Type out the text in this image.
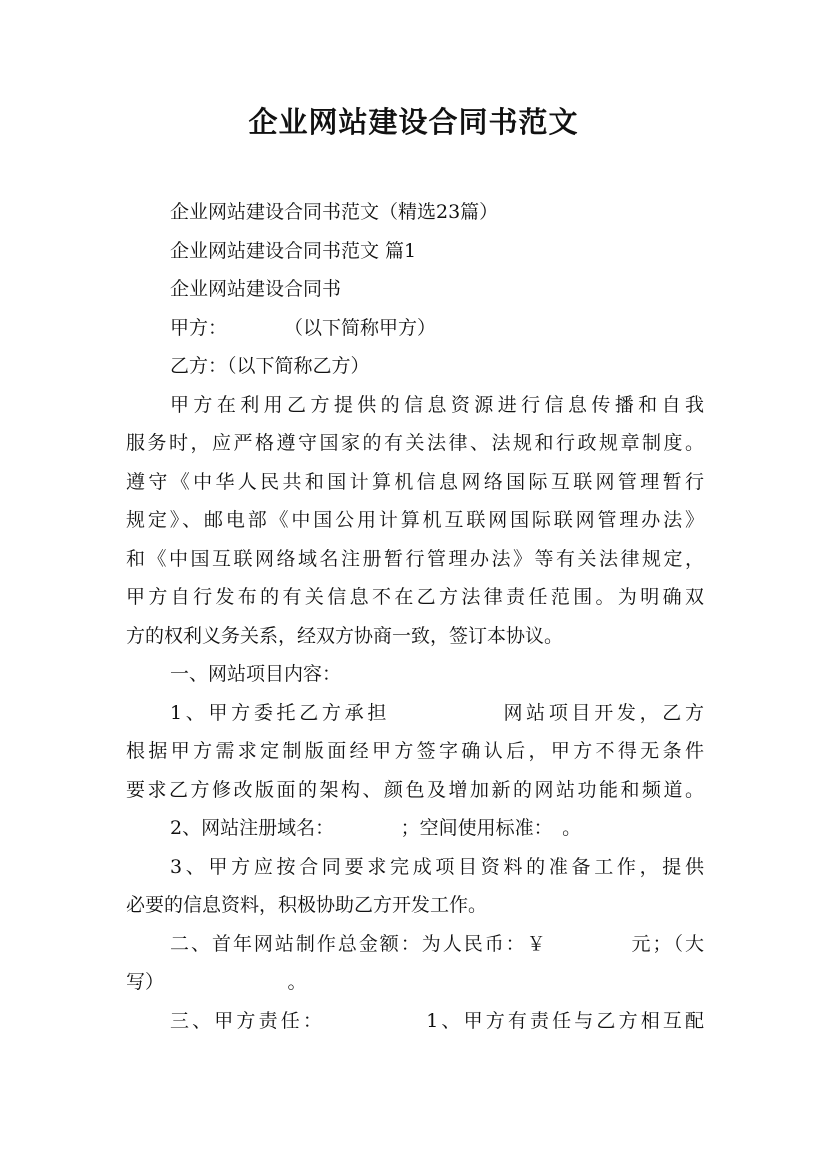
企业网站建设合同书范文
企业网站建设合同书范文（精选23篇）
企业网站建设合同书范文 篇1
企业网站建设合同书
甲方：　　　　（以下简称甲方）
乙方：（以下简称乙方）
甲方在利用乙方提供的信息资源进行信息传播和自我
服务时，应严格遵守国家的有关法律、法规和行政规章制度。
遵守《中华人民共和国计算机信息网络国际互联网管理暂行
规定》、邮电部《中国公用计算机互联网国际联网管理办法》
和《中国互联网络域名注册暂行管理办法》等有关法律规定，
甲方自行发布的有关信息不在乙方法律责任范围。为明确双
方的权利义务关系，经双方协商一致，签订本协议。
一、网站项目内容：
1、甲方委托乙方承担　　　　　网站项目开发，乙方
根据甲方需求定制版面经甲方签字确认后，甲方不得无条件
要求乙方修改版面的架构、颜色及增加新的网站功能和频道。
2、网站注册域名：　　　　；空间使用标准：　。
3、甲方应按合同要求完成项目资料的准备工作，提供
必要的信息资料，积极协助乙方开发工作。
二、首年网站制作总金额：为人民币：￥　　　　元；（大
写）　　　　　　　。
三、甲方责任：　　　　　1、甲方有责任与乙方相互配
